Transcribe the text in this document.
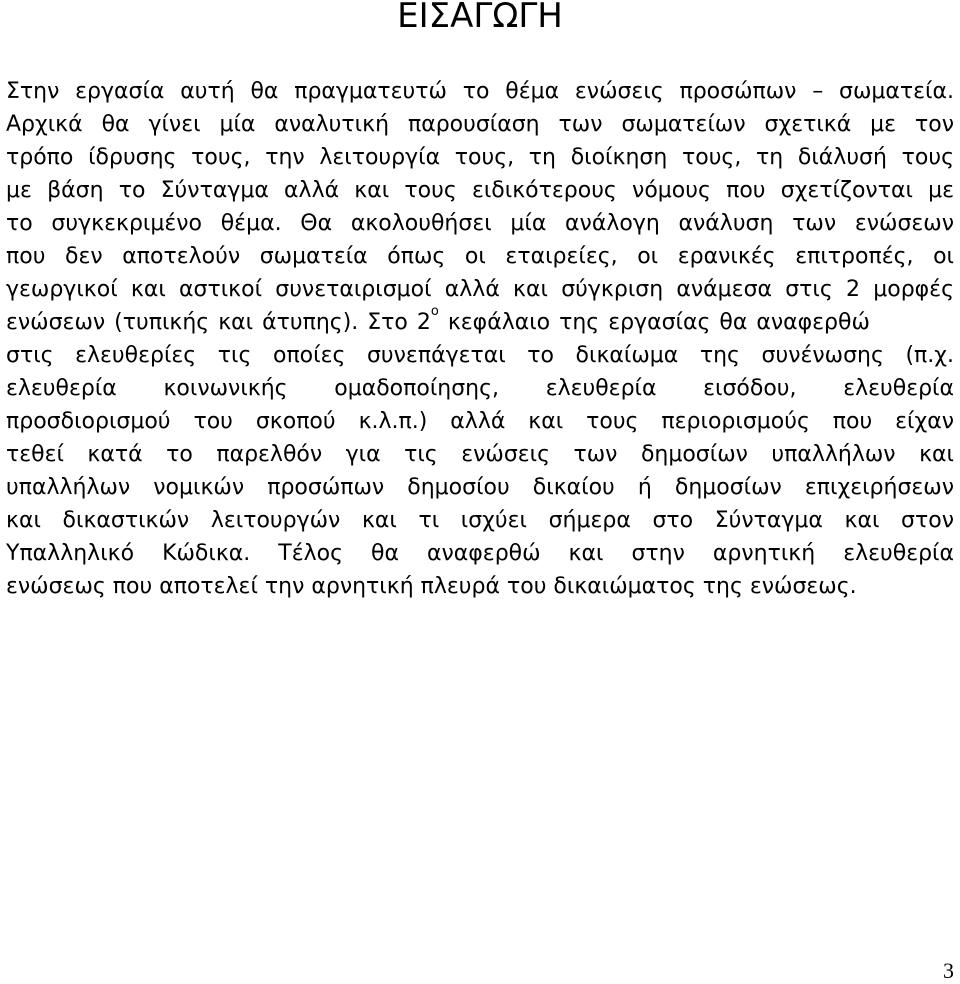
ΕΙΣΑΓΩΓΗ
Στην εργασία αυτή θα πραγματευτώ το θέμα ενώσεις προσώπων – σωματεία.
Αρχικά θα γίνει μία αναλυτική παρουσίαση των σωματείων σχετικά με τον
τρόπο ίδρυσης τους, την λειτουργία τους, τη διοίκηση τους, τη διάλυσή τους
με βάση το Σύνταγμα αλλά και τους ειδικότερους νόμους που σχετίζονται με
το συγκεκριμένο θέμα. Θα ακολουθήσει μία ανάλογη ανάλυση των ενώσεων
που δεν αποτελούν σωματεία όπως οι εταιρείες, οι ερανικές επιτροπές, οι
γεωργικοί και αστικοί συνεταιρισμοί αλλά και σύγκριση ανάμεσα στις 2 μορφές
ενώσεων (τυπικής και άτυπης). Στο $2^o$ κεφάλαιο της εργασίας θα αναφερθώ
στις ελευθερίες τις οποίες συνεπάγεται το δικαίωμα της συνένωσης (π.χ.
ελευθερία κοινωνικής ομαδοποίησης, ελευθερία εισόδου, ελευθερία
προσδιορισμού του σκοπού κ.λ.π.) αλλά και τους περιορισμούς που είχαν
τεθεί κατά το παρελθόν για τις ενώσεις των δημοσίων υπαλλήλων και
υπαλλήλων νομικών προσώπων δημοσίου δικαίου ή δημοσίων επιχειρήσεων
και δικαστικών λειτουργών και τι ισχύει σήμερα στο Σύνταγμα και στον
Υπαλληλικό Κώδικα. Τέλος θα αναφερθώ και στην αρνητική ελευθερία
ενώσεως που αποτελεί την αρνητική πλευρά του δικαιώματος της ενώσεως.
3
